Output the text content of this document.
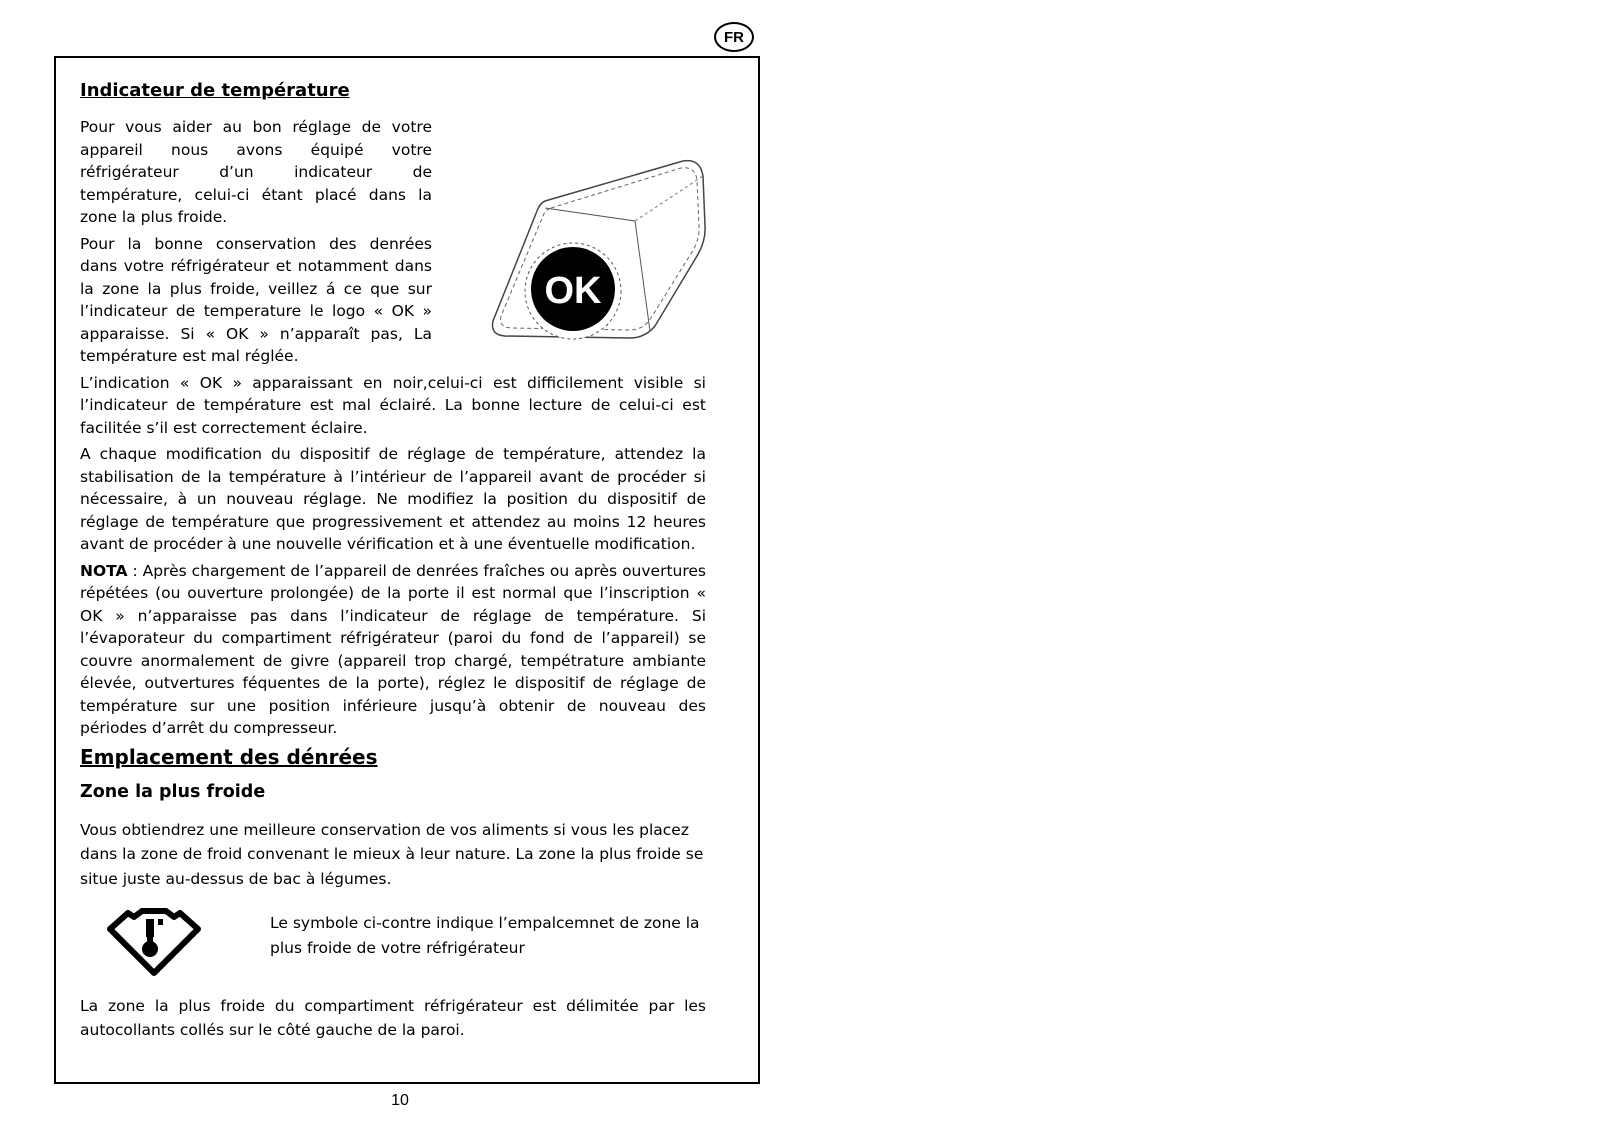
FR
Indicateur de température

Pour vous aider au bon réglage de votre appareil nous avons équipé votre réfrigérateur d’un indicateur de température, celui-ci étant placé dans la zone la plus froide.

Pour la bonne conservation des denrées dans votre réfrigérateur et notamment dans la zone la plus froide, veillez á ce que sur l’indicateur de temperature le logo « OK » apparaisse. Si « OK » n’apparaît pas, La température est mal réglée.

OK

L’indication « OK » apparaissant en noir,celui-ci est difficilement visible si l’indicateur de température est mal éclairé. La bonne lecture de celui-ci est facilitée s’il est correctement éclaire.

A chaque modification du dispositif de réglage de température, attendez la stabilisation de la température à l’intérieur de l’appareil avant de procéder si nécessaire, à un nouveau réglage. Ne modifiez la position du dispositif de réglage de température que progressivement et attendez au moins 12 heures avant de procéder à une nouvelle vérification et à une éventuelle modification.

NOTA : Après chargement de l’appareil de denrées fraîches ou après ouvertures répétées (ou ouverture prolongée) de la porte il est normal que l’inscription « OK » n’apparaisse pas dans l’indicateur de réglage de température. Si l’évaporateur du compartiment réfrigérateur (paroi du fond de l’appareil) se couvre anormalement de givre (appareil trop chargé, tempétrature ambiante élevée, outvertures féquentes de la porte), réglez le dispositif de réglage de température sur une position inférieure jusqu’à obtenir de nouveau des périodes d’arrêt du compresseur.

Emplacement des dénrées
Zone la plus froide

Vous obtiendrez une meilleure conservation de vos aliments si vous les placez dans la zone de froid convenant le mieux à leur nature. La zone la plus froide se situe juste au-dessus de bac à légumes.

Le symbole ci-contre indique l’empalcemnet de zone la plus froide de votre réfrigérateur

La zone la plus froide du compartiment réfrigérateur est délimitée par les autocollants collés sur le côté gauche de la paroi.

10
